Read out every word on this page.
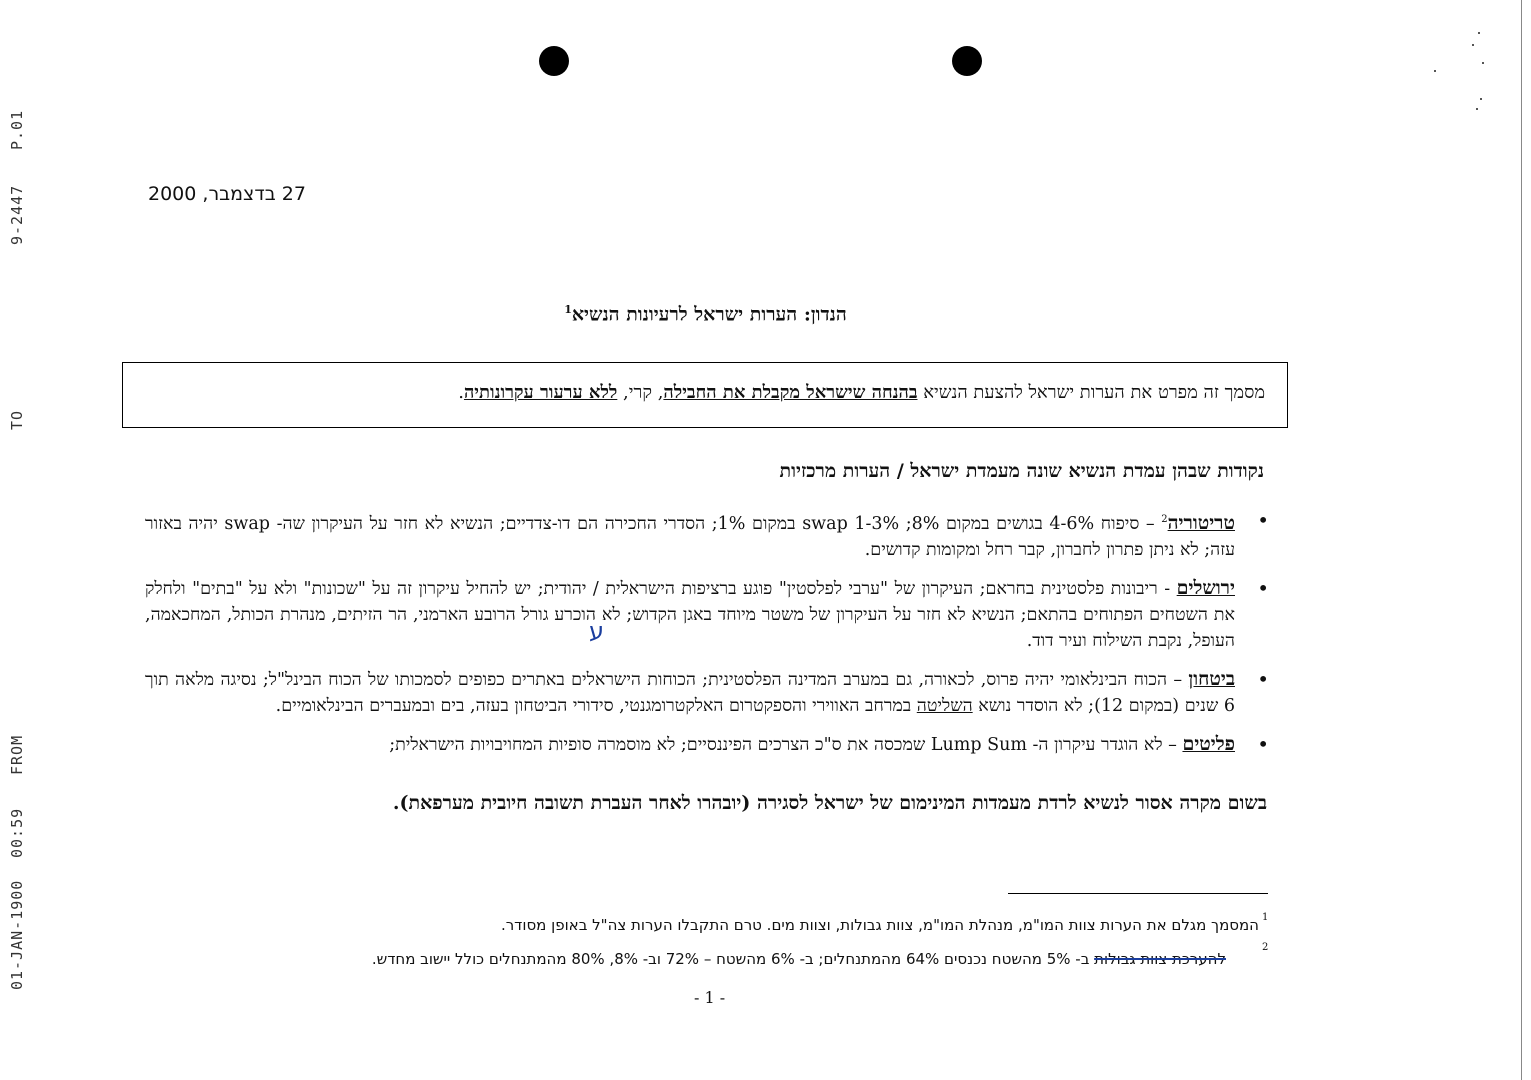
P.01
9-2447
TO
FROM
00:59
01-JAN-1900
27 בדצמבר, 2000
הנדון: הערות ישראל לרעיונות הנשיא$^1$
מסמך זה מפרט את הערות ישראל להצעת הנשיא בהנחה שישראל מקבלת את החבילה, קרי, ללא ערעור עקרונותיה.
נקודות שבהן עמדת הנשיא שונה מעמדת ישראל / הערות מרכזיות
• טריטוריה$^2$ – סיפוח 4-6% בגושים במקום 8%; swap 1-3% במקום 1%; הסדרי החכירה הם דו-צדדיים; הנשיא לא חזר על העיקרון שה- swap יהיה באזור עזה; לא ניתן פתרון לחברון, קבר רחל ומקומות קדושים.
• ירושלים - ריבונות פלסטינית בחראם; העיקרון של "ערבי לפלסטין" פוגע ברציפות הישראלית / יהודית; יש להחיל עיקרון זה על "שכונות" ולא על "בתים" ולחלק את השטחים הפתוחים בהתאם; הנשיא לא חזר על העיקרון של משטר מיוחד באגן הקדוש; לא הוכרע גורל הרובע הארמני, הר הזיתים, מנהרת הכותל, המחכאמה, העופל, נקבת השילוח ועיר דוד.
• ביטחון – הכוח הבינלאומי יהיה פרוס, לכאורה, גם במערב המדינה הפלסטינית; הכוחות הישראלים באתרים כפופים לסמכותו של הכוח הבינל"ל; נסיגה מלאה תוך 6 שנים (במקום 12); לא הוסדר נושא השליטה במרחב האווירי והספקטרום האלקטרומגנטי, סידורי הביטחון בעזה, בים ובמעברים הבינלאומיים.
• פליטים – לא הוגדר עיקרון ה- Lump Sum שמכסה את ס"כ הצרכים הפיננסיים; לא מוסמרה סופיות המחויבויות הישראלית;
ע
בשום מקרה אסור לנשיא לרדת מעמדות המינימום של ישראל לסגירה (יובהרו לאחר העברת תשובה חיובית מערפאת).
1
המסמך מגלם את הערות צוות המו"מ, מנהלת המו"מ, צוות גבולות, וצוות מים. טרם התקבלו הערות צה"ל באופן מסודר.
2
להערכת צוות גבולות ב- 5% מהשטח נכנסים 64% מהמתנחלים; ב- 6% מהשטח – 72% וב- 8%, 80% מהמתנחלים כולל יישוב מחדש.
- 1 -
